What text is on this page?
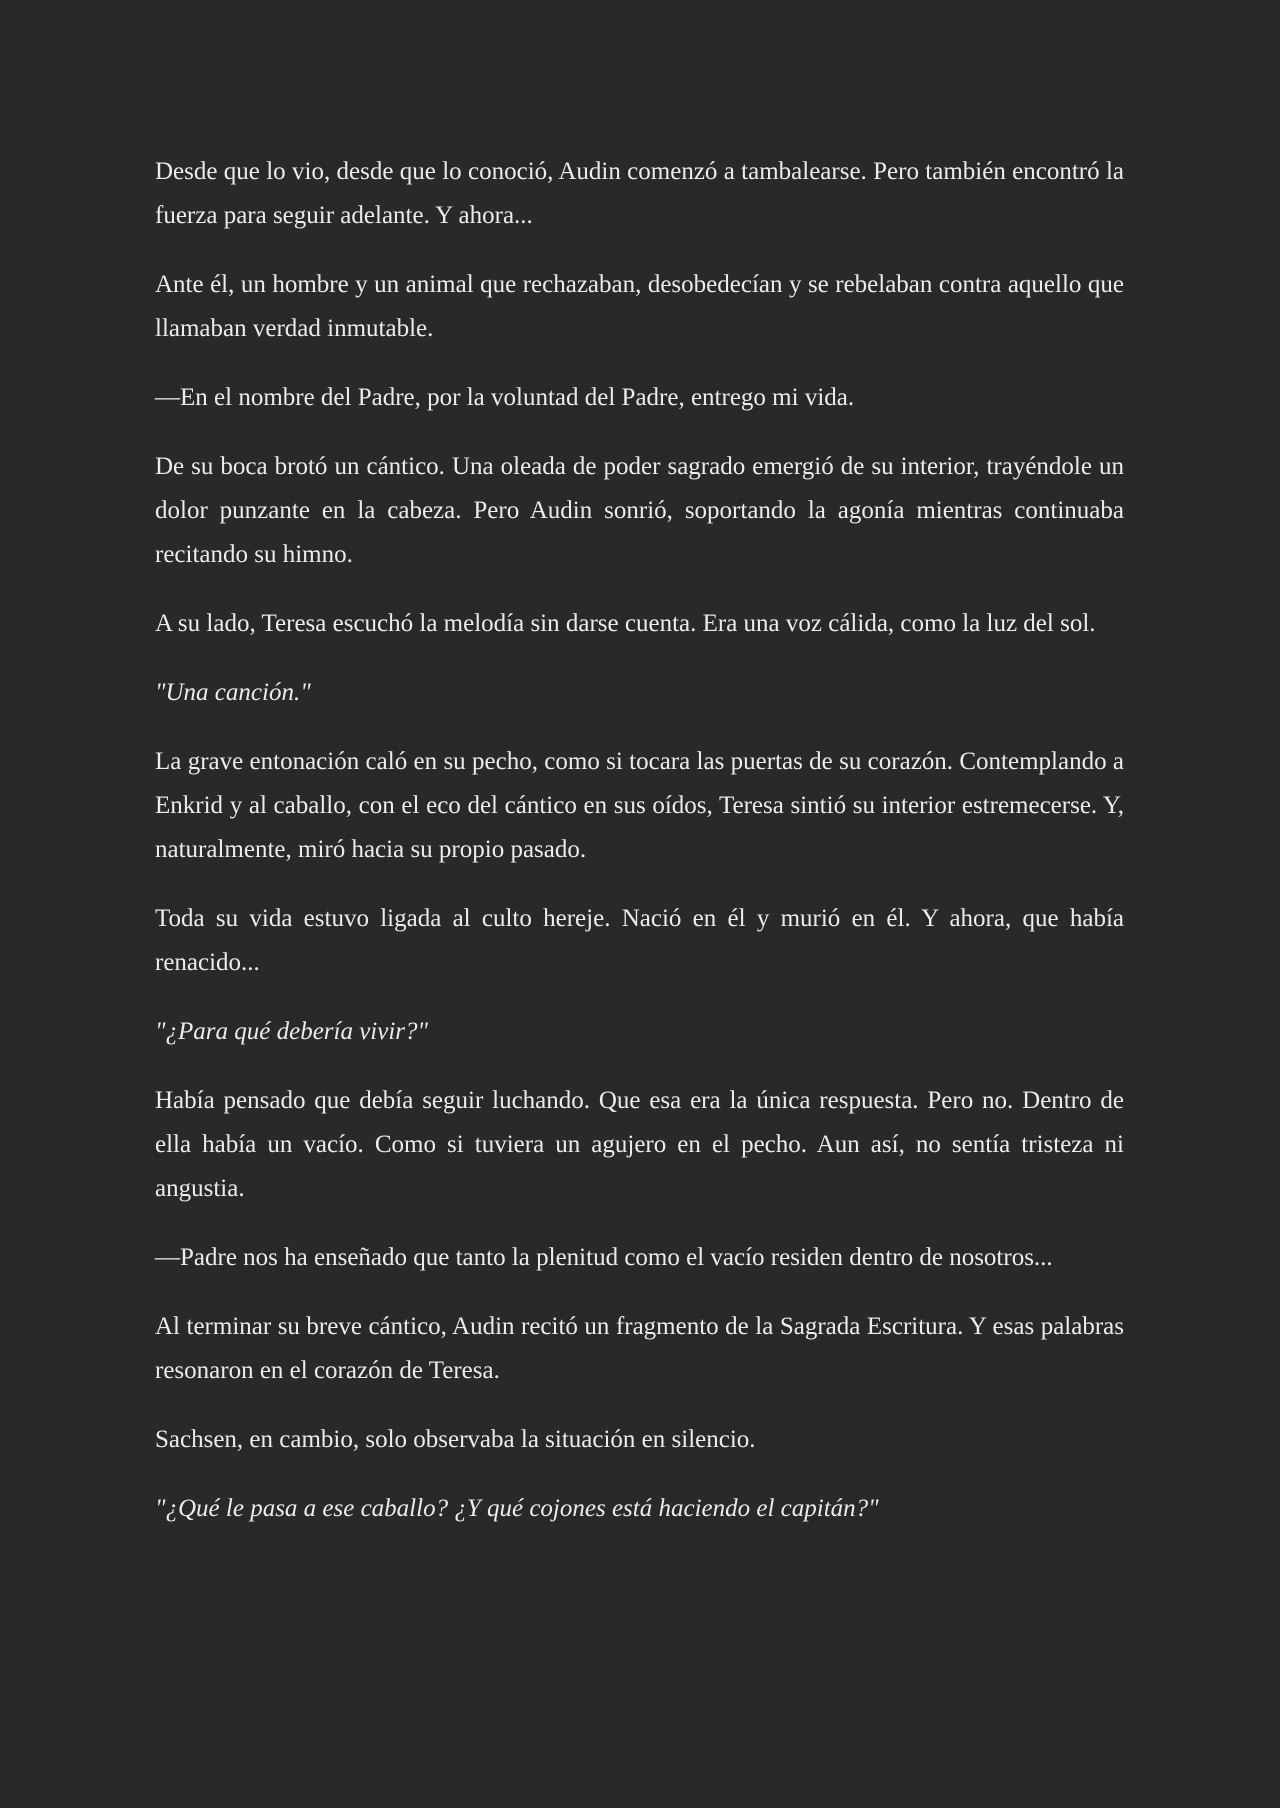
Desde que lo vio, desde que lo conoció, Audin comenzó a tambalearse. Pero también encontró la fuerza para seguir adelante. Y ahora...

Ante él, un hombre y un animal que rechazaban, desobedecían y se rebelaban contra aquello que llamaban verdad inmutable.

—En el nombre del Padre, por la voluntad del Padre, entrego mi vida.

De su boca brotó un cántico. Una oleada de poder sagrado emergió de su interior, trayéndole un dolor punzante en la cabeza. Pero Audin sonrió, soportando la agonía mientras continuaba recitando su himno.

A su lado, Teresa escuchó la melodía sin darse cuenta. Era una voz cálida, como la luz del sol.

"Una canción."

La grave entonación caló en su pecho, como si tocara las puertas de su corazón. Contemplando a Enkrid y al caballo, con el eco del cántico en sus oídos, Teresa sintió su interior estremecerse. Y, naturalmente, miró hacia su propio pasado.

Toda su vida estuvo ligada al culto hereje. Nació en él y murió en él. Y ahora, que había renacido...

"¿Para qué debería vivir?"

Había pensado que debía seguir luchando. Que esa era la única respuesta. Pero no. Dentro de ella había un vacío. Como si tuviera un agujero en el pecho. Aun así, no sentía tristeza ni angustia.

—Padre nos ha enseñado que tanto la plenitud como el vacío residen dentro de nosotros...

Al terminar su breve cántico, Audin recitó un fragmento de la Sagrada Escritura. Y esas palabras resonaron en el corazón de Teresa.

Sachsen, en cambio, solo observaba la situación en silencio.

"¿Qué le pasa a ese caballo? ¿Y qué cojones está haciendo el capitán?"
